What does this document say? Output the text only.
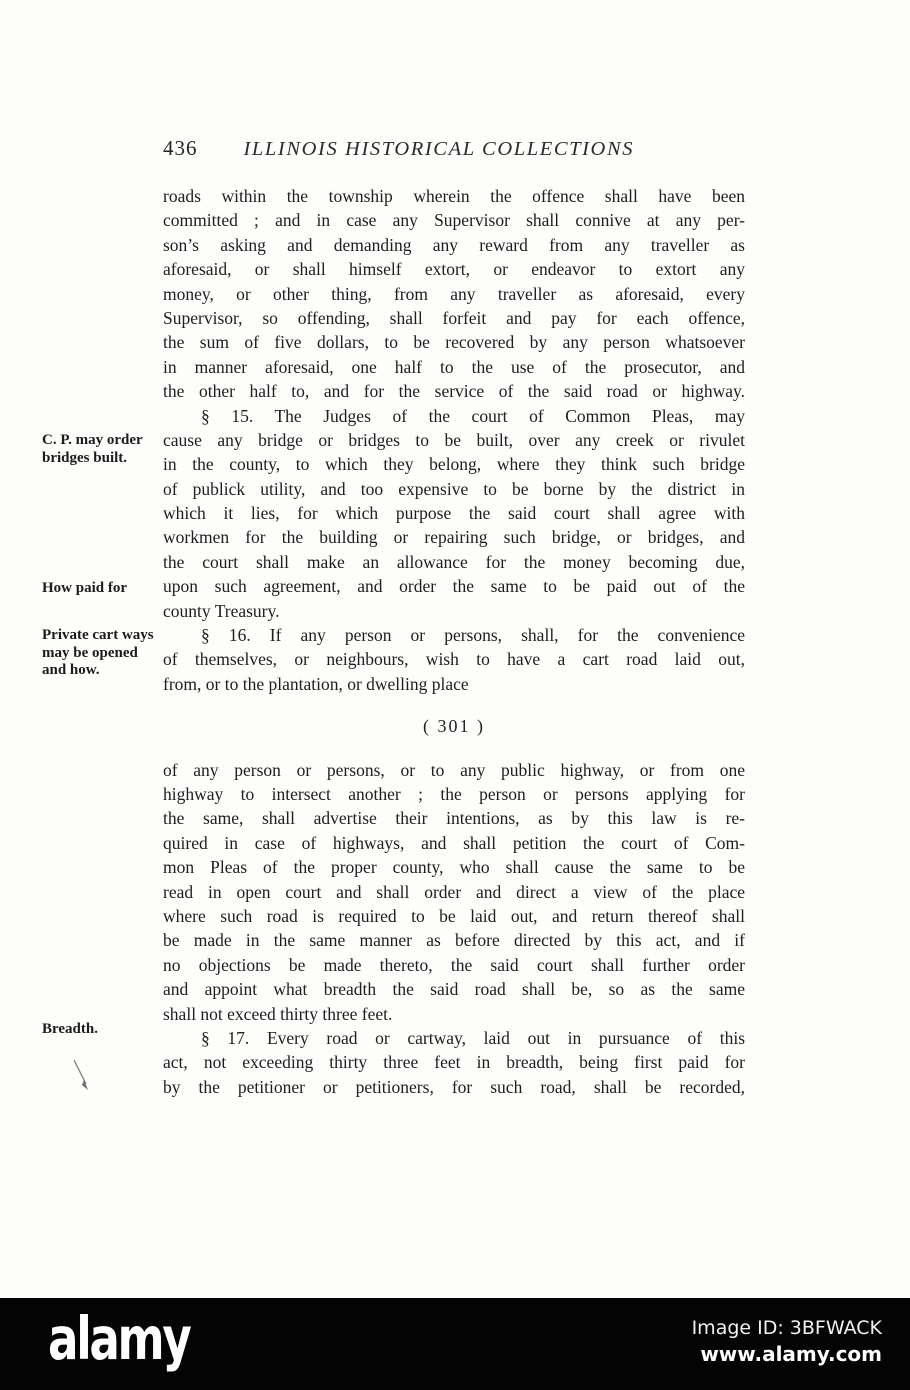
436 ILLINOIS HISTORICAL COLLECTIONS
C. P. may order bridges built.
How paid for
Private cart ways may be opened and how.
Breadth.
roads within the township wherein the offence shall have been
committed ; and in case any Supervisor shall connive at any per-
son’s asking and demanding any reward from any traveller as
aforesaid, or shall himself extort, or endeavor to extort any
money, or other thing, from any traveller as aforesaid, every
Supervisor, so offending, shall forfeit and pay for each offence,
the sum of five dollars, to be recovered by any person whatsoever
in manner aforesaid, one half to the use of the prosecutor, and
the other half to, and for the service of the said road or highway.
§ 15. The Judges of the court of Common Pleas, may
cause any bridge or bridges to be built, over any creek or rivulet
in the county, to which they belong, where they think such bridge
of publick utility, and too expensive to be borne by the district in
which it lies, for which purpose the said court shall agree with
workmen for the building or repairing such bridge, or bridges, and
the court shall make an allowance for the money becoming due,
upon such agreement, and order the same to be paid out of the
county Treasury.
§ 16. If any person or persons, shall, for the convenience
of themselves, or neighbours, wish to have a cart road laid out,
from, or to the plantation, or dwelling place
( 301 )
of any person or persons, or to any public highway, or from one
highway to intersect another ; the person or persons applying for
the same, shall advertise their intentions, as by this law is re-
quired in case of highways, and shall petition the court of Com-
mon Pleas of the proper county, who shall cause the same to be
read in open court and shall order and direct a view of the place
where such road is required to be laid out, and return thereof shall
be made in the same manner as before directed by this act, and if
no objections be made thereto, the said court shall further order
and appoint what breadth the said road shall be, so as the same
shall not exceed thirty three feet.
§ 17. Every road or cartway, laid out in pursuance of this
act, not exceeding thirty three feet in breadth, being first paid for
by the petitioner or petitioners, for such road, shall be recorded,
alamy	Image ID: 3BFWACK
www.alamy.com
